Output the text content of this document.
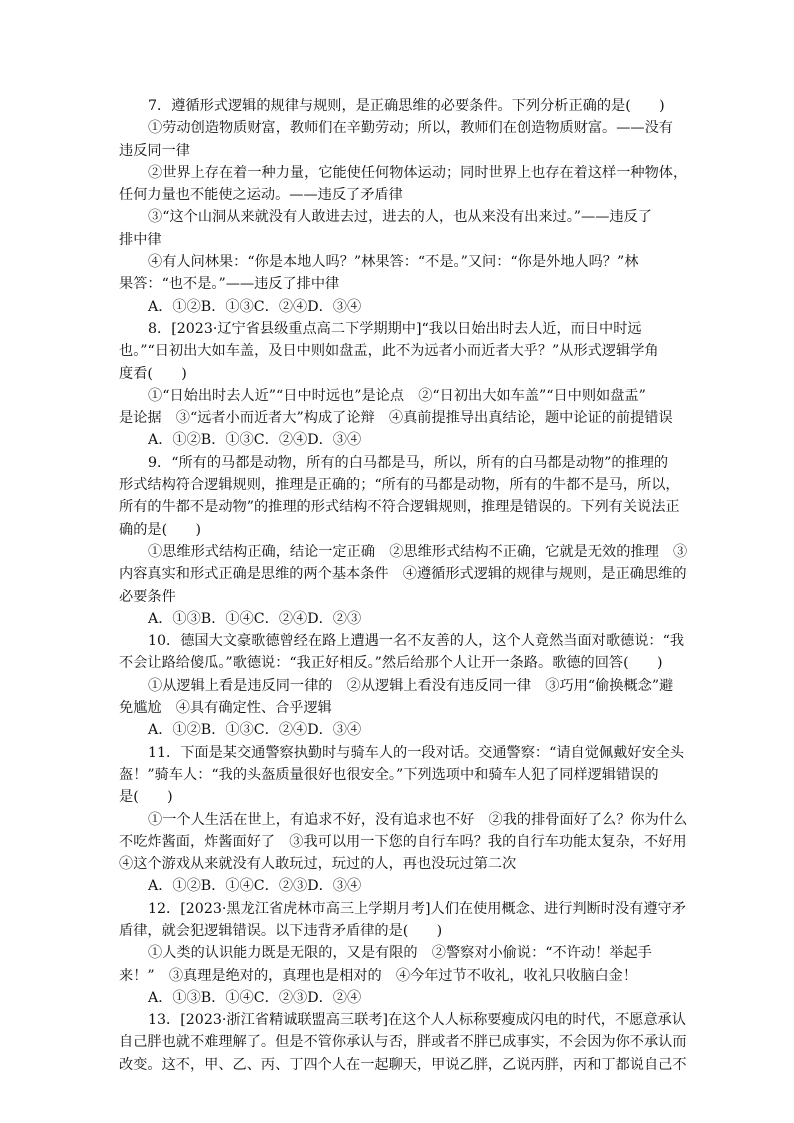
7．遵循形式逻辑的规律与规则，是正确思维的必要条件。下列分析正确的是(　　)
①劳动创造物质财富，教师们在辛勤劳动；所以，教师们在创造物质财富。——没有
违反同一律
②世界上存在着一种力量，它能使任何物体运动；同时世界上也存在着这样一种物体，
任何力量也不能使之运动。——违反了矛盾律
③“这个山洞从来就没有人敢进去过，进去的人，也从来没有出来过。”——违反了
排中律
④有人问林果：“你是本地人吗？”林果答：“不是。”又问：“你是外地人吗？”林
果答：“也不是。”——违反了排中律
A．①②B．①③C．②④D．③④
8．[2023·辽宁省县级重点高二下学期期中]“我以日始出时去人近，而日中时远
也。”“日初出大如车盖，及日中则如盘盂，此不为远者小而近者大乎？”从形式逻辑学角
度看(　　)
①“日始出时去人近”“日中时远也”是论点　②“日初出大如车盖”“日中则如盘盂”
是论据　③“远者小而近者大”构成了论辩　④真前提推导出真结论，题中论证的前提错误
A．①②B．①③C．②④D．③④
9．“所有的马都是动物，所有的白马都是马，所以，所有的白马都是动物”的推理的
形式结构符合逻辑规则，推理是正确的；“所有的马都是动物，所有的牛都不是马，所以，
所有的牛都不是动物”的推理的形式结构不符合逻辑规则，推理是错误的。下列有关说法正
确的是(　　)
①思维形式结构正确，结论一定正确　②思维形式结构不正确，它就是无效的推理　③
内容真实和形式正确是思维的两个基本条件　④遵循形式逻辑的规律与规则，是正确思维的
必要条件
A．①③B．①④C．②④D．②③
10．德国大文豪歌德曾经在路上遭遇一名不友善的人，这个人竟然当面对歌德说：“我
不会让路给傻瓜。”歌德说：“我正好相反。”然后给那个人让开一条路。歌德的回答(　　)
①从逻辑上看是违反同一律的　②从逻辑上看没有违反同一律　③巧用“偷换概念”避
免尴尬　④具有确定性、合乎逻辑
A．①②B．①③C．②④D．③④
11．下面是某交通警察执勤时与骑车人的一段对话。交通警察：“请自觉佩戴好安全头
盔！”骑车人：“我的头盔质量很好也很安全。”下列选项中和骑车人犯了同样逻辑错误的
是(　　)
①一个人生活在世上，有追求不好，没有追求也不好　②我的排骨面好了么？你为什么
不吃炸酱面，炸酱面好了　③我可以用一下您的自行车吗？我的自行车功能太复杂，不好用
④这个游戏从来就没有人敢玩过，玩过的人，再也没玩过第二次
A．①②B．①④C．②③D．③④
12．[2023·黑龙江省虎林市高三上学期月考]人们在使用概念、进行判断时没有遵守矛
盾律，就会犯逻辑错误。以下违背矛盾律的是(　　)
①人类的认识能力既是无限的，又是有限的　②警察对小偷说：“不许动！举起手
来！”　③真理是绝对的，真理也是相对的　④今年过节不收礼，收礼只收脑白金！
A．①③B．①④C．②③D．②④
13．[2023·浙江省精诚联盟高三联考]在这个人人标称要瘦成闪电的时代，不愿意承认
自己胖也就不难理解了。但是不管你承认与否，胖或者不胖已成事实，不会因为你不承认而
改变。这不，甲、乙、丙、丁四个人在一起聊天，甲说乙胖，乙说丙胖，丙和丁都说自己不
